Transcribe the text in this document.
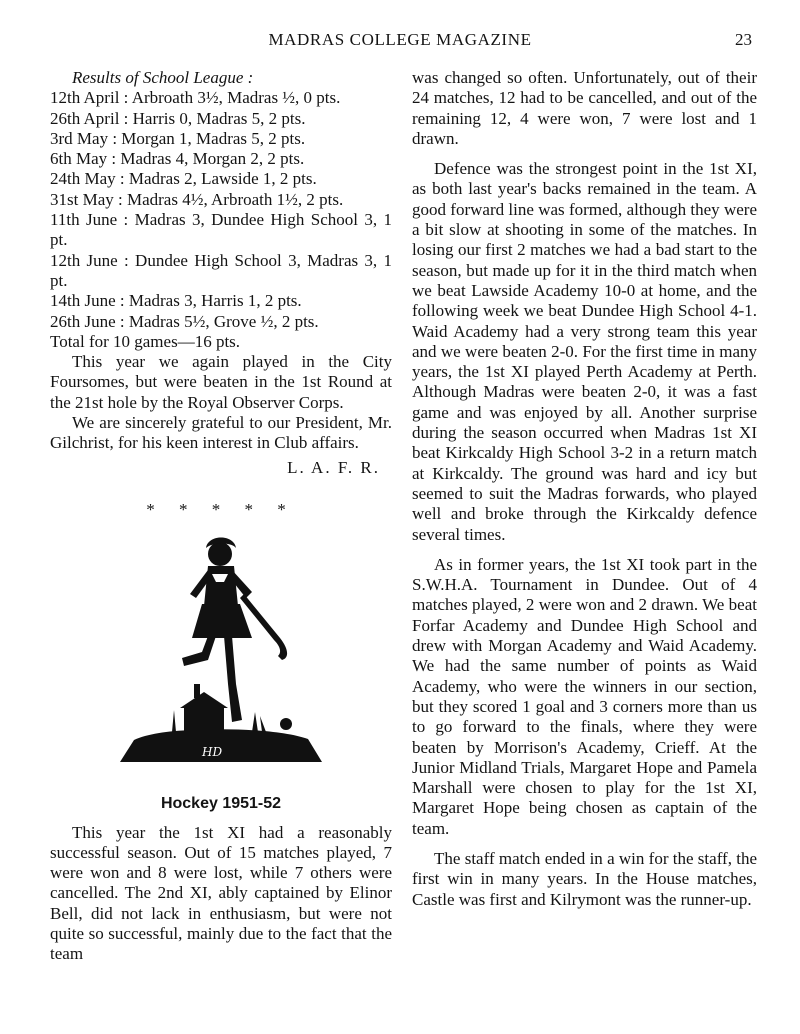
MADRAS COLLEGE MAGAZINE	23
Results of School League :
12th April : Arbroath 3½, Madras ½, 0 pts.
26th April : Harris 0, Madras 5, 2 pts.
3rd May : Morgan 1, Madras 5, 2 pts.
6th May : Madras 4, Morgan 2, 2 pts.
24th May : Madras 2, Lawside 1, 2 pts.
31st May : Madras 4½, Arbroath 1½, 2 pts.
11th June : Madras 3, Dundee High School 3, 1 pt.
12th June : Dundee High School 3, Madras 3, 1 pt.
14th June : Madras 3, Harris 1, 2 pts.
26th June : Madras 5½, Grove ½, 2 pts.
Total for 10 games—16 pts.

This year we again played in the City Foursomes, but were beaten in the 1st Round at the 21st hole by the Royal Observer Corps.

We are sincerely grateful to our President, Mr. Gilchrist, for his keen interest in Club affairs.

L. A. F. R.
* * * * *
HD
Hockey 1951-52

This year the 1st XI had a reasonably successful season. Out of 15 matches played, 7 were won and 8 were lost, while 7 others were cancelled. The 2nd XI, ably captained by Elinor Bell, did not lack in enthusiasm, but were not quite so successful, mainly due to the fact that the team

was changed so often. Unfortunately, out of their 24 matches, 12 had to be cancelled, and out of the remaining 12, 4 were won, 7 were lost and 1 drawn.

Defence was the strongest point in the 1st XI, as both last year's backs remained in the team. A good forward line was formed, although they were a bit slow at shooting in some of the matches. In losing our first 2 matches we had a bad start to the season, but made up for it in the third match when we beat Lawside Academy 10-0 at home, and the following week we beat Dundee High School 4-1. Waid Academy had a very strong team this year and we were beaten 2-0. For the first time in many years, the 1st XI played Perth Academy at Perth. Although Madras were beaten 2-0, it was a fast game and was enjoyed by all. Another surprise during the season occurred when Madras 1st XI beat Kirkcaldy High School 3-2 in a return match at Kirkcaldy. The ground was hard and icy but seemed to suit the Madras forwards, who played well and broke through the Kirkcaldy defence several times.

As in former years, the 1st XI took part in the S.W.H.A. Tournament in Dundee. Out of 4 matches played, 2 were won and 2 drawn. We beat Forfar Academy and Dundee High School and drew with Morgan Academy and Waid Academy. We had the same number of points as Waid Academy, who were the winners in our section, but they scored 1 goal and 3 corners more than us to go forward to the finals, where they were beaten by Morrison's Academy, Crieff. At the Junior Midland Trials, Margaret Hope and Pamela Marshall were chosen to play for the 1st XI, Margaret Hope being chosen as captain of the team.

The staff match ended in a win for the staff, the first win in many years. In the House matches, Castle was first and Kilrymont was the runner-up.
